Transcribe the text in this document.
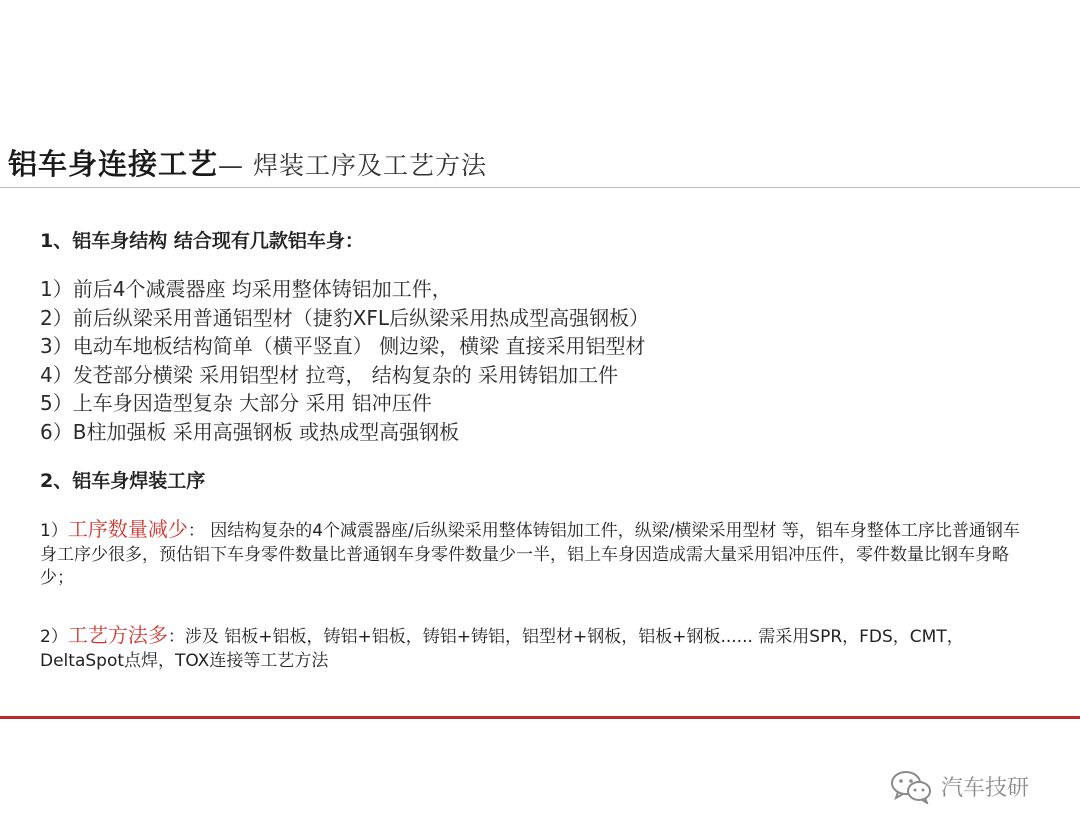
铝车身连接工艺— 焊装工序及工艺方法
1、铝车身结构 结合现有几款铝车身：
1）前后4个减震器座 均采用整体铸铝加工件，
2）前后纵梁采用普通铝型材（捷豹XFL后纵梁采用热成型高强钢板）
3）电动车地板结构简单（横平竖直） 侧边梁，横梁 直接采用铝型材
4）发苍部分横梁 采用铝型材 拉弯， 结构复杂的 采用铸铝加工件
5）上车身因造型复杂 大部分 采用 铝冲压件
6）B柱加强板 采用高强钢板 或热成型高强钢板
2、铝车身焊装工序
1）工序数量减少： 因结构复杂的4个减震器座/后纵梁采用整体铸铝加工件，纵梁/横梁采用型材 等，铝车身整体工序比普通钢车身工序少很多，预估铝下车身零件数量比普通钢车身零件数量少一半，铝上车身因造成需大量采用铝冲压件，零件数量比钢车身略少；
2）工艺方法多：涉及 铝板+铝板，铸铝+铝板，铸铝+铸铝，铝型材+钢板，铝板+钢板...... 需采用SPR，FDS，CMT，DeltaSpot点焊，TOX连接等工艺方法
汽车技研
